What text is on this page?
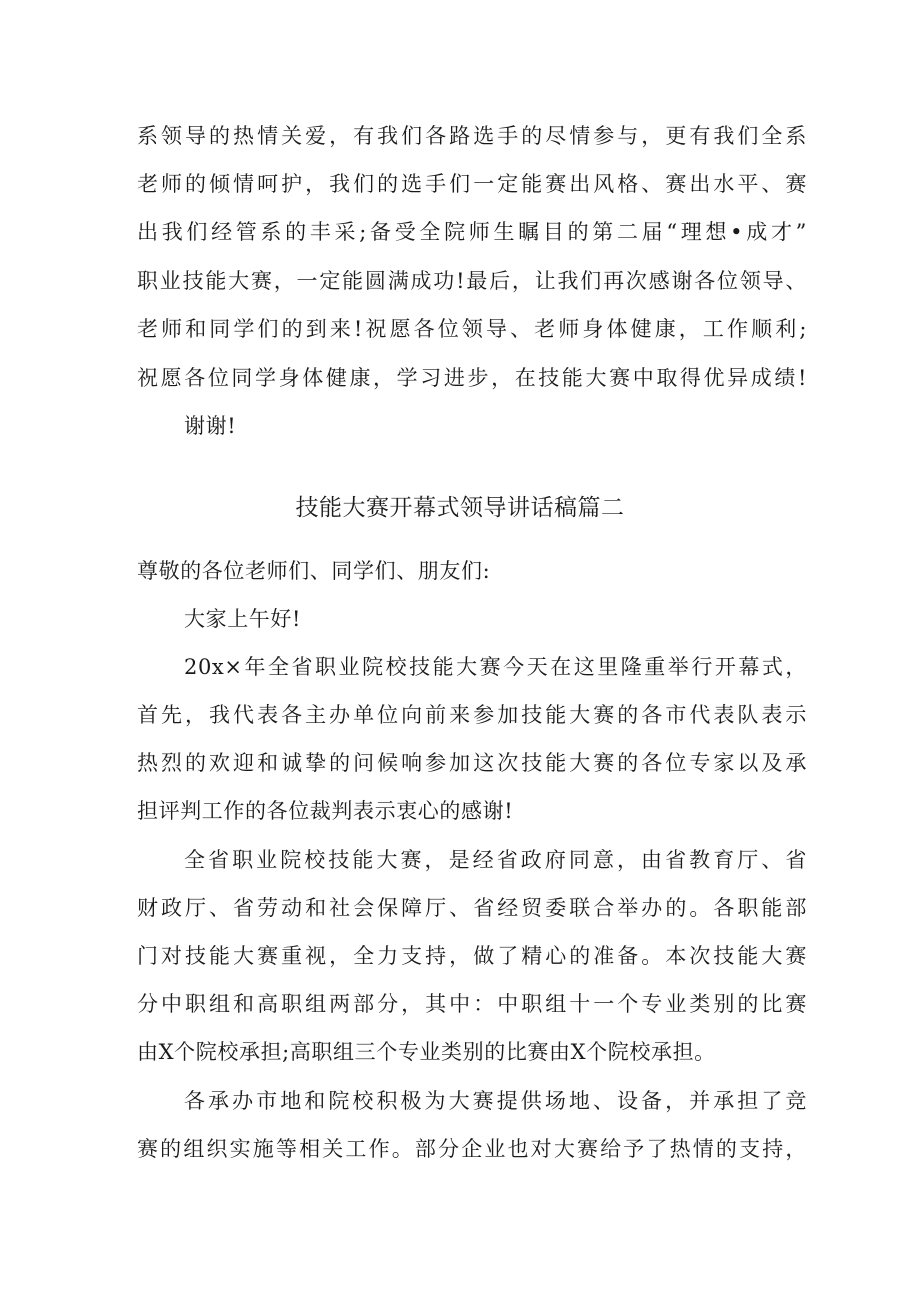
系领导的热情关爱，有我们各路选手的尽情参与，更有我们全系
老师的倾情呵护，我们的选手们一定能赛出风格、赛出水平、赛
出我们经管系的丰采;备受全院师生瞩目的第二届“理想•成才”
职业技能大赛，一定能圆满成功!最后，让我们再次感谢各位领导、
老师和同学们的到来!祝愿各位领导、老师身体健康，工作顺利;
祝愿各位同学身体健康，学习进步，在技能大赛中取得优异成绩!
谢谢!
技能大赛开幕式领导讲话稿篇二
尊敬的各位老师们、同学们、朋友们:
大家上午好!
20x×年全省职业院校技能大赛今天在这里隆重举行开幕式，
首先，我代表各主办单位向前来参加技能大赛的各市代表队表示
热烈的欢迎和诚挚的问候响参加这次技能大赛的各位专家以及承
担评判工作的各位裁判表示衷心的感谢!
全省职业院校技能大赛，是经省政府同意，由省教育厅、省
财政厅、省劳动和社会保障厅、省经贸委联合举办的。各职能部
门对技能大赛重视，全力支持，做了精心的准备。本次技能大赛
分中职组和高职组两部分，其中：中职组十一个专业类别的比赛
由X个院校承担;高职组三个专业类别的比赛由X个院校承担。
各承办市地和院校积极为大赛提供场地、设备，并承担了竞
赛的组织实施等相关工作。部分企业也对大赛给予了热情的支持，
